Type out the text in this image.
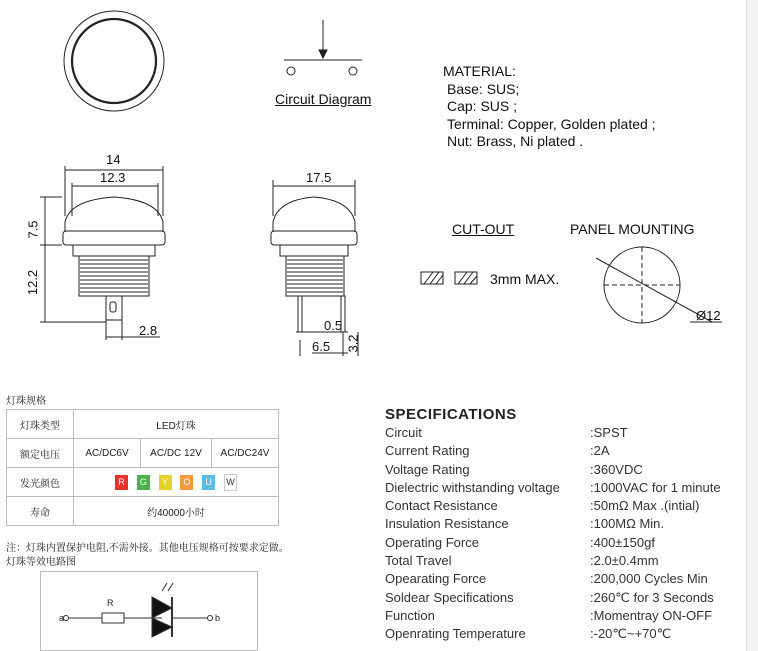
Circuit Diagram
CUT-OUT	PANEL MOUNTING
3mm MAX.
14
12.3
7.5
12.2
2.8
17.5
0.5
6.5 3.2
Ø12
MATERIAL:
Base: SUS;
Cap: SUS ;
Terminal: Copper, Golden plated ;
Nut: Brass, Ni plated .
灯珠规格
灯珠类型	LED灯珠		
额定电压	AC/DC6V	AC/DC 12V	AC/DC24V
发光颜色	R G Y O U W		
寿命	约40000小时		
注：灯珠内置保护电阻,不需外接。其他电压规格可按要求定做。
灯珠等效电路图
a
R
b
SPECIFICATIONS
Circuit	:SPST
Current Rating	:2A
Voltage Rating	:360VDC
Dielectric withstanding voltage :1000VAC for 1 minute
Contact Resistance	:50mΩ Max .(intial)
Insulation Resistance	:100MΩ Min.
Operating Force	:400±150gf
Total Travel	:2.0±0.4mm
Opearating Force	:200,000 Cycles Min
Soldear Specifications	:260℃ for 3 Seconds
Function	:Momentray ON-OFF
Openrating Temperature	:-20℃~+70℃
